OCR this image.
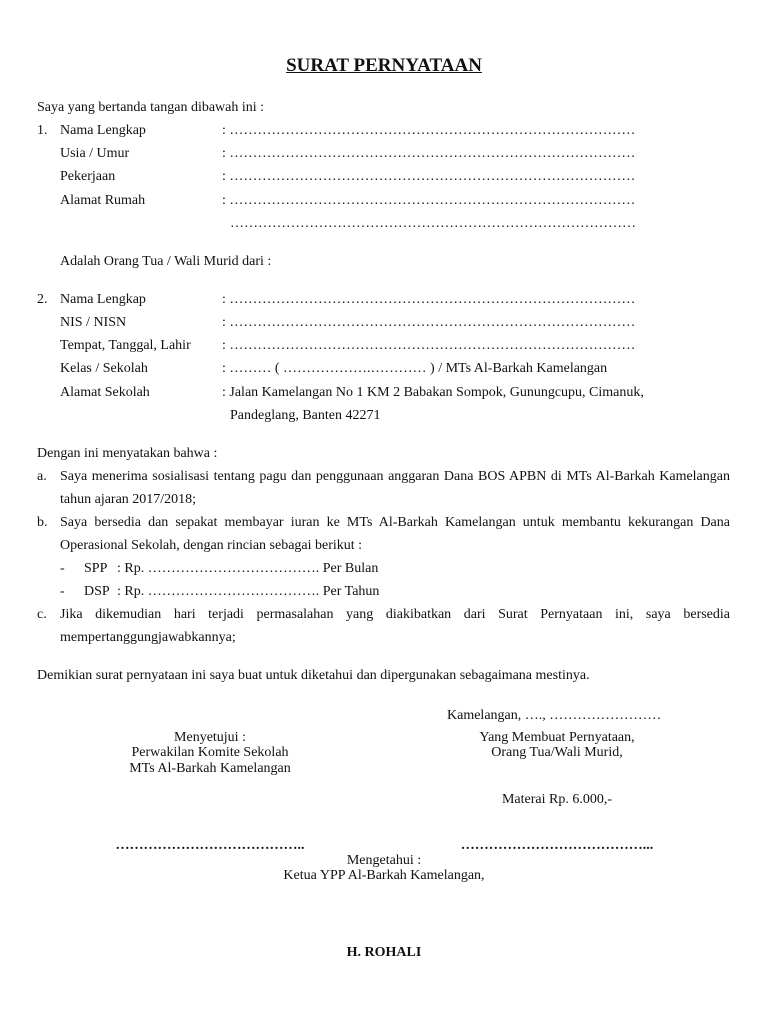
SURAT PERNYATAAN
Saya yang bertanda tangan dibawah ini :
1. Nama Lengkap	: ……………………………………………………………………………
Usia / Umur	: ……………………………………………………………………………
Pekerjaan	: ……………………………………………………………………………
Alamat Rumah	: ……………………………………………………………………………
……………………………………………………………………………
Adalah Orang Tua / Wali Murid dari :
2. Nama Lengkap	: ……………………………………………………………………………
NIS / NISN	: ……………………………………………………………………………
Tempat, Tanggal, Lahir : ……………………………………………………………………………
Kelas / Sekolah	: ……… ( ……………….………… ) / MTs Al-Barkah Kamelangan
Alamat Sekolah	: Jalan Kamelangan No 1 KM 2 Babakan Sompok, Gunungcupu, Cimanuk,
Pandeglang, Banten 42271
Dengan ini menyatakan bahwa :
a. Saya menerima sosialisasi tentang pagu dan penggunaan anggaran Dana BOS APBN di MTs Al-Barkah Kamelangan
tahun ajaran 2017/2018;
b. Saya bersedia dan sepakat membayar iuran ke MTs Al-Barkah Kamelangan untuk membantu kekurangan Dana
Operasional Sekolah, dengan rincian sebagai berikut :
- SPP : Rp. ………………………………. Per Bulan
- DSP : Rp. ………………………………. Per Tahun
c. Jika dikemudian hari terjadi permasalahan yang diakibatkan dari Surat Pernyataan ini, saya bersedia
mempertanggungjawabkannya;
Demikian surat pernyataan ini saya buat untuk diketahui dan dipergunakan sebagaimana mestinya.
Kamelangan, …., ……………………
Menyetujui :
Perwakilan Komite Sekolah
MTs Al-Barkah Kamelangan
Yang Membuat Pernyataan,
Orang Tua/Wali Murid,
Materai Rp. 6.000,-
…………………………………..	…………………………………...
Mengetahui :
Ketua YPP Al-Barkah Kamelangan,
H. ROHALI
